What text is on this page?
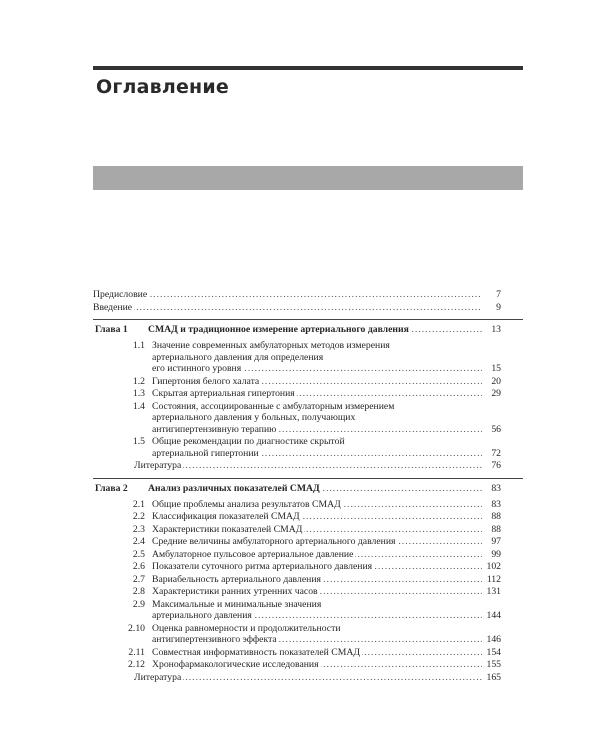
Оглавление
Предисловие .....	7
Введение .....	9
Глава 1	СМАД и традиционное измерение артериального давления .....	13
1.1 Значение современных амбулаторных методов измерения
артериального давления для определения
его истинного уровня .....	15
1.2 Гипертония белого халата .....	20
1.3 Скрытая артериальная гипертония .....	29
1.4 Состояния, ассоциированные с амбулаторным измерением
артериального давления у больных, получающих
антигипертензивную терапию .....	56
1.5 Общие рекомендации по диагностике скрытой
артериальной гипертонии .....	72
Литература .....	76
Глава 2	Анализ различных показателей СМАД .....	83
2.1 Общие проблемы анализа результатов СМАД .....	83
2.2 Классификация показателей СМАД .....	88
2.3 Характеристики показателей СМАД .....	88
2.4 Средние величины амбулаторного артериального давления .....	97
2.5 Амбулаторное пульсовое артериальное давление .....	99
2.6 Показатели суточного ритма артериального давления .....	102
2.7 Вариабельность артериального давления .....	112
2.8 Характеристики ранних утренних часов .....	131
2.9 Максимальные и минимальные значения
артериального давления .....	144
2.10 Оценка равномерности и продолжительности
антигипертензивного эффекта .....	146
2.11 Совместная информативность показателей СМАД .....	154
2.12 Хронофармакологические исследования .....	155
Литература .....	165
